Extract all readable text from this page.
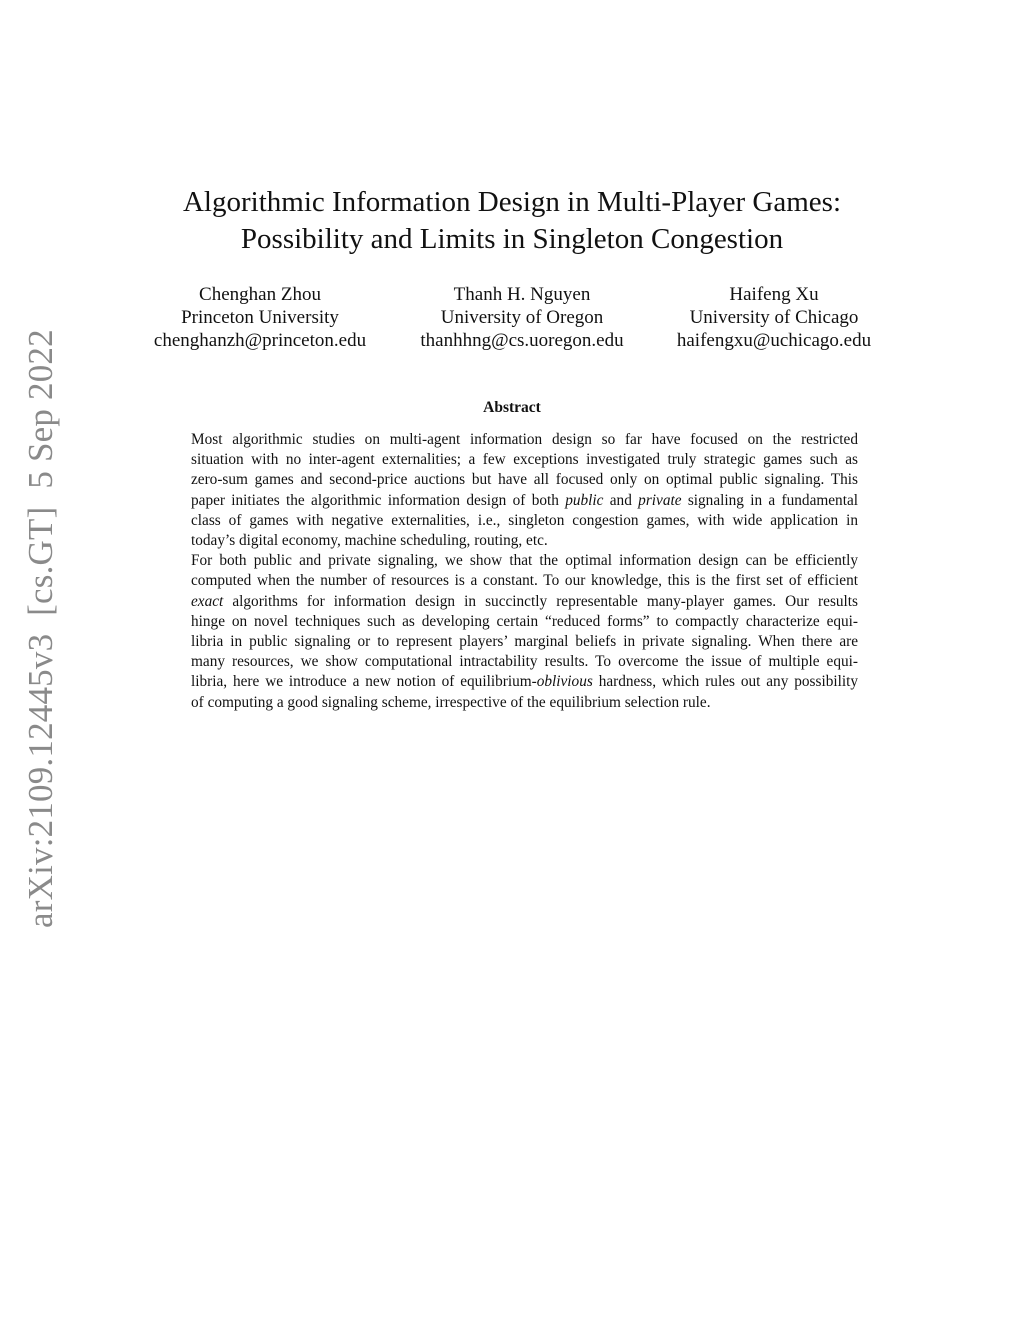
arXiv:2109.12445v3  [cs.GT]  5 Sep 2022
Algorithmic Information Design in Multi-Player Games:
Possibility and Limits in Singleton Congestion
Chenghan Zhou
Princeton University
chenghanzh@princeton.edu
Thanh H. Nguyen
University of Oregon
thanhhng@cs.uoregon.edu
Haifeng Xu
University of Chicago
haifengxu@uchicago.edu
Abstract

Most algorithmic studies on multi-agent information design so far have focused on the restricted
situation with no inter-agent externalities; a few exceptions investigated truly strategic games such as
zero-sum games and second-price auctions but have all focused only on optimal public signaling. This
paper initiates the algorithmic information design of both public and private signaling in a fundamental
class of games with negative externalities, i.e., singleton congestion games, with wide application in
today’s digital economy, machine scheduling, routing, etc.

For both public and private signaling, we show that the optimal information design can be efficiently
computed when the number of resources is a constant. To our knowledge, this is the first set of efficient
exact algorithms for information design in succinctly representable many-player games. Our results
hinge on novel techniques such as developing certain “reduced forms” to compactly characterize equi-
libria in public signaling or to represent players’ marginal beliefs in private signaling. When there are
many resources, we show computational intractability results. To overcome the issue of multiple equi-
libria, here we introduce a new notion of equilibrium-oblivious hardness, which rules out any possibility
of computing a good signaling scheme, irrespective of the equilibrium selection rule.
